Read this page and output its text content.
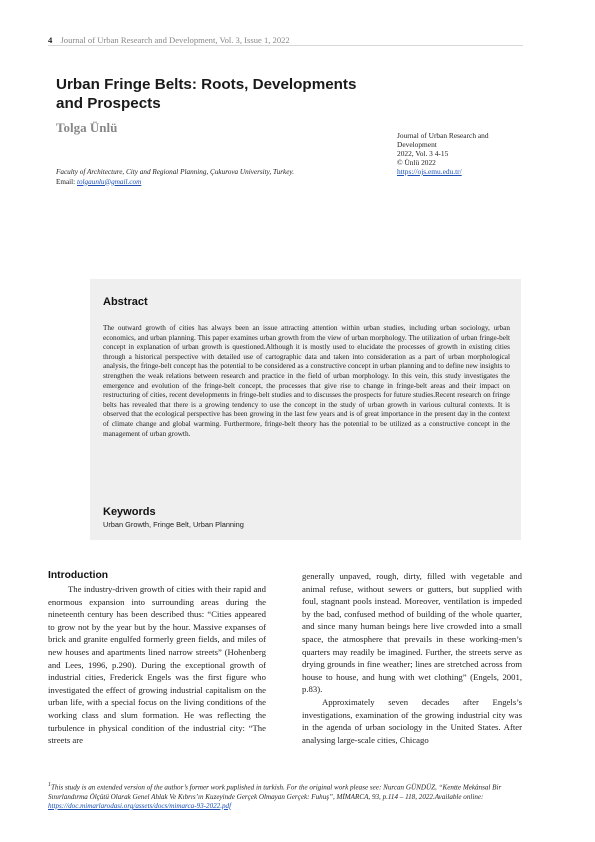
4 Journal of Urban Research and Development, Vol. 3, Issue 1, 2022
Urban Fringe Belts: Roots, Developments and Prospects
Tolga Ünlü
Journal of Urban Research and Development
2022, Vol. 3 4-15
© Ünlü 2022
https://ojs.emu.edu.tr/
Faculty of Architecture, City and Regional Planning, Çukurova University, Turkey.
Email: tolgaunlu@gmail.com
Abstract
The outward growth of cities has always been an issue attracting attention within urban studies, including urban sociology, urban economics, and urban planning. This paper examines urban growth from the view of urban morphology. The utilization of urban fringe-belt concept in explanation of urban growth is questioned.Although it is mostly used to elucidate the processes of growth in existing cities through a historical perspective with detailed use of cartographic data and taken into consideration as a part of urban morphological analysis, the fringe-belt concept has the potential to be considered as a constructive concept in urban planning and to define new insights to strengthen the weak relations between research and practice in the field of urban morphology. In this vein, this study investigates the emergence and evolution of the fringe-belt concept, the processes that give rise to change in fringe-belt areas and their impact on restructuring of cities, recent developments in fringe-belt studies and to discusses the prospects for future studies.Recent research on fringe belts has revealed that there is a growing tendency to use the concept in the study of urban growth in various cultural contexts. It is observed that the ecological perspective has been growing in the last few years and is of great importance in the present day in the context of climate change and global warming. Furthermore, fringe-belt theory has the potential to be utilized as a constructive concept in the management of urban growth.
Keywords
Urban Growth, Fringe Belt, Urban Planning
Introduction

The industry-driven growth of cities with their rapid and enormous expansion into surrounding areas during the nineteenth century has been described thus: “Cities appeared to grow not by the year but by the hour. Massive expanses of brick and granite engulfed formerly green fields, and miles of new houses and apartments lined narrow streets” (Hohenberg and Lees, 1996, p.290). During the exceptional growth of industrial cities, Frederick Engels was the first figure who investigated the effect of growing industrial capitalism on the urban life, with a special focus on the living conditions of the working class and slum formation. He was reflecting the turbulence in physical condition of the industrial city: “The streets are

generally unpaved, rough, dirty, filled with vegetable and animal refuse, without sewers or gutters, but supplied with foul, stagnant pools instead. Moreover, ventilation is impeded by the bad, confused method of building of the whole quarter, and since many human beings here live crowded into a small space, the atmosphere that prevails in these working-men’s quarters may readily be imagined. Further, the streets serve as drying grounds in fine weather; lines are stretched across from house to house, and hung with wet clothing” (Engels, 2001, p.83).

Approximately seven decades after Engels’s investigations, examination of the growing industrial city was in the agenda of urban sociology in the United States. After analysing large-scale cities, Chicago

$^1$This study is an extended version of the author’s former work puplished in turkish. For the original work please see: Nurcan GÜNDÜZ, “Kentte Mekânsal Bir Sınırlandırma Ölçütü Olarak Genel Ahlak Ve Kıbrıs’ın Kuzeyinde Gerçek Olmayan Gerçek: Fuhuş”, MİMARCA, 93, p.114 – 118, 2022.Available online: https://doc.mimarlarodasi.org/assets/docs/mimarca-93-2022.pdf
